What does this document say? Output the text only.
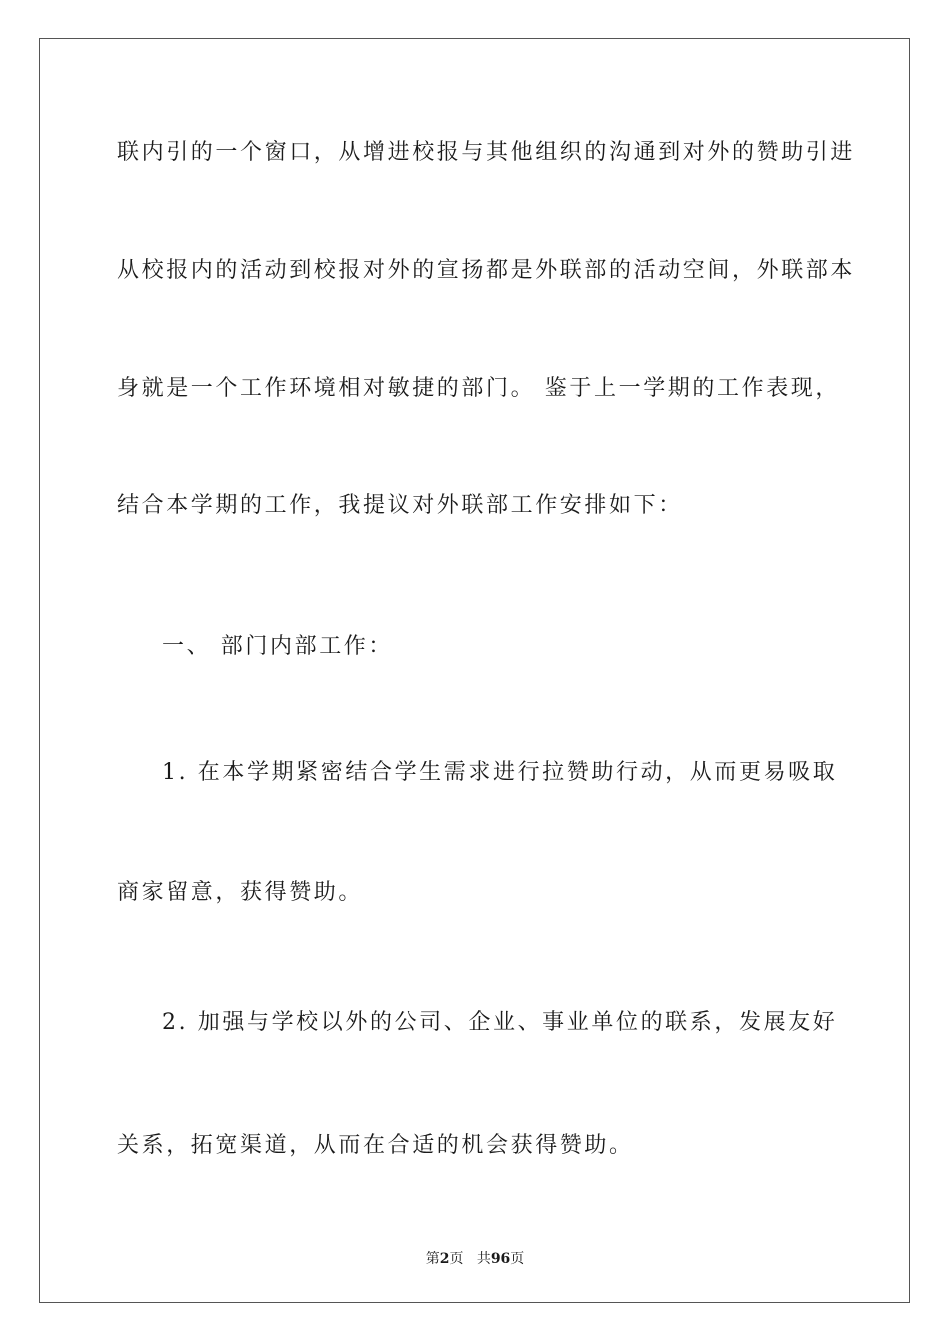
联内引的一个窗口，从增进校报与其他组织的沟通到对外的赞助引进
从校报内的活动到校报对外的宣扬都是外联部的活动空间，外联部本
身就是一个工作环境相对敏捷的部门。 鉴于上一学期的工作表现，
结合本学期的工作，我提议对外联部工作安排如下：
一、 部门内部工作：
1. 在本学期紧密结合学生需求进行拉赞助行动，从而更易吸取
商家留意，获得赞助。
2. 加强与学校以外的公司、企业、事业单位的联系，发展友好
关系，拓宽渠道，从而在合适的机会获得赞助。
第2页 共96页
